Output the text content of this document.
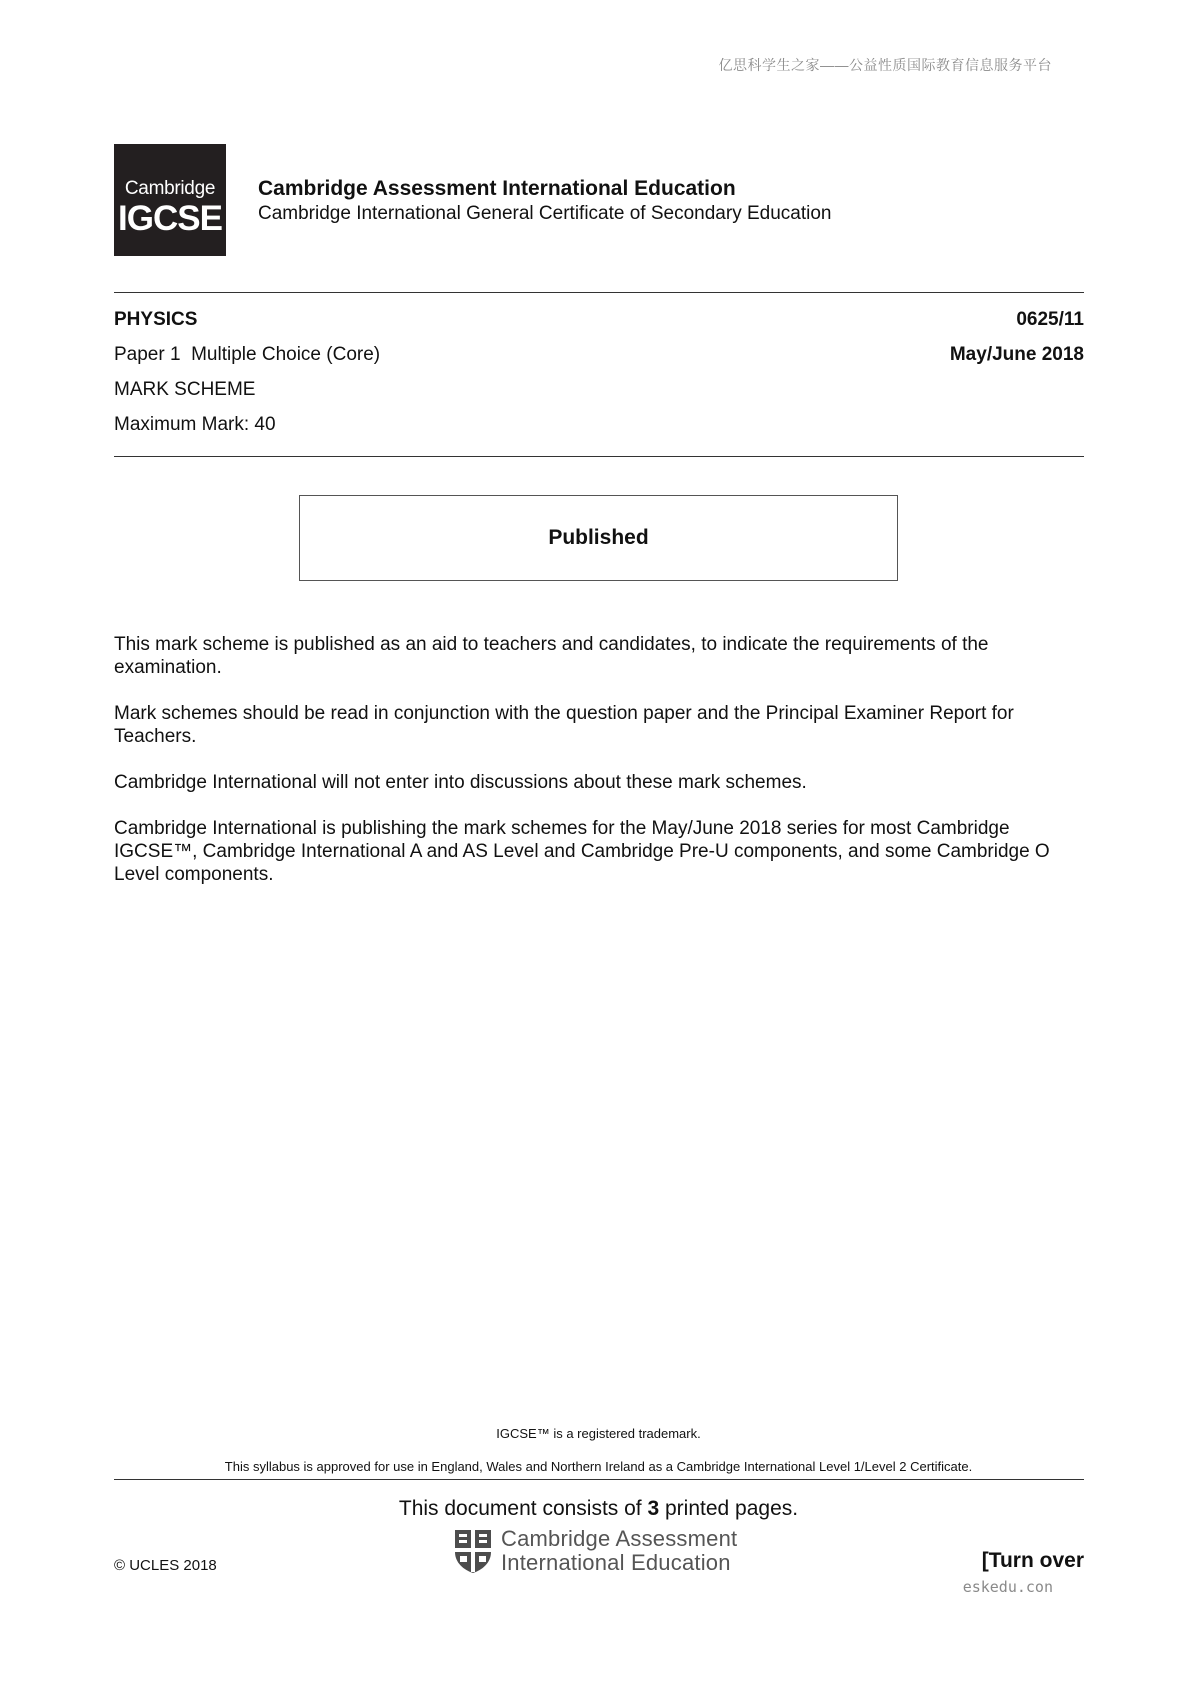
亿思科学生之家——公益性质国际教育信息服务平台
Cambridge
IGCSE
Cambridge Assessment International Education
Cambridge International General Certificate of Secondary Education
PHYSICS
Paper 1  Multiple Choice (Core)
MARK SCHEME
Maximum Mark: 40
0625/11
May/June 2018
Published

This mark scheme is published as an aid to teachers and candidates, to indicate the requirements of the examination.

Mark schemes should be read in conjunction with the question paper and the Principal Examiner Report for Teachers.

Cambridge International will not enter into discussions about these mark schemes.

Cambridge International is publishing the mark schemes for the May/June 2018 series for most Cambridge IGCSE™, Cambridge International A and AS Level and Cambridge Pre-U components, and some Cambridge O Level components.

IGCSE™ is a registered trademark.
This syllabus is approved for use in England, Wales and Northern Ireland as a Cambridge International Level 1/Level 2 Certificate.
This document consists of 3 printed pages.
© UCLES 2018
Cambridge Assessment
International Education	[Turn over
eskedu.con
